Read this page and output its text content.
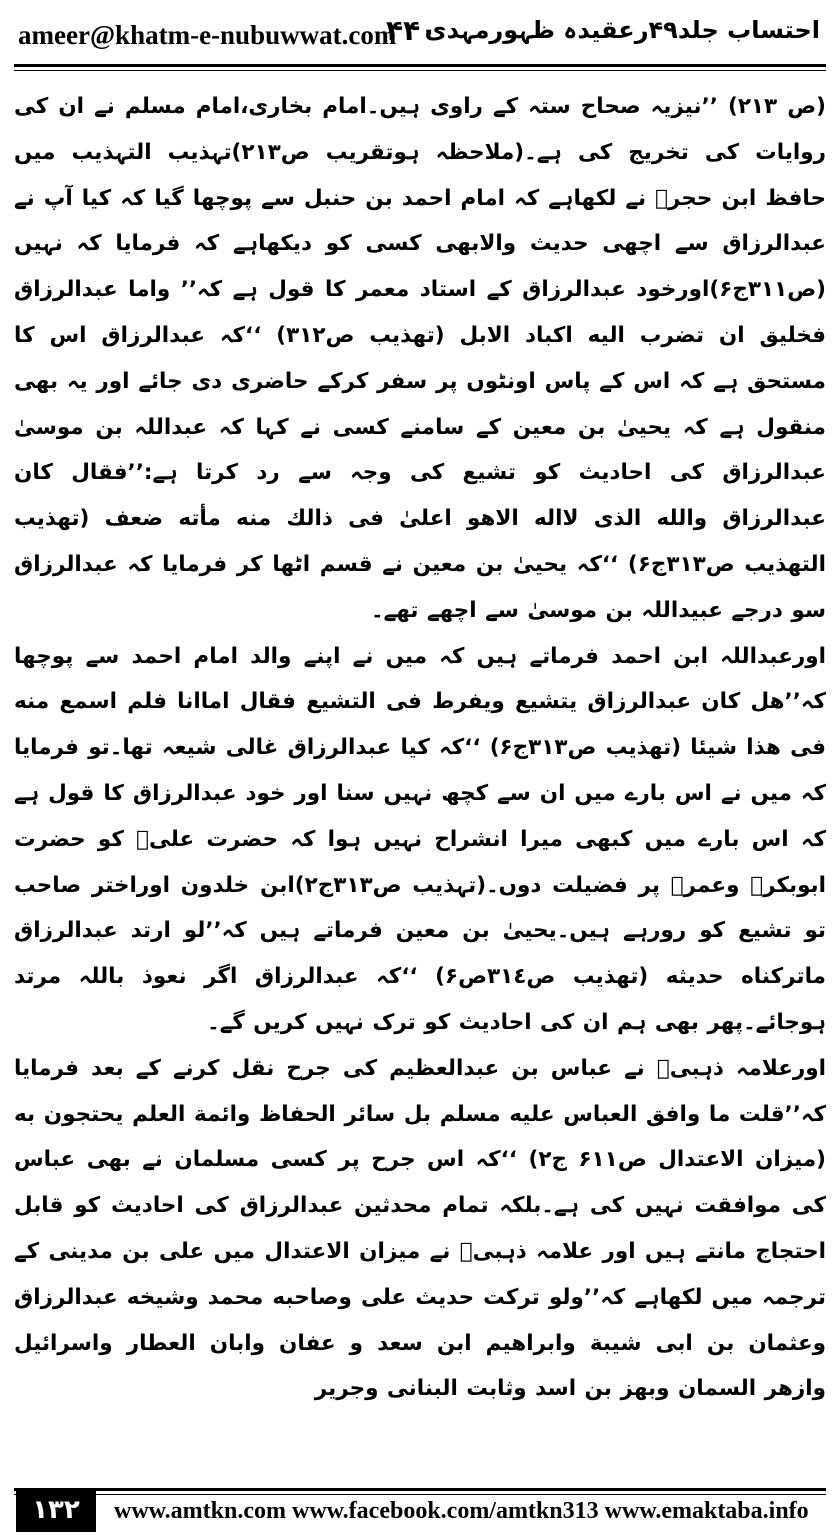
ameer@khatm-e-nubuwwat.com
۴۴۰
احتساب جلد۴۹رعقیدہ ظہورمہدی

(ص ۲۱۳) ’’نیزیہ صحاح ستہ کے راوی ہیں۔امام بخاری،امام مسلم نے ان کی روایات کی تخریج کی ہے۔(ملاحظہ ہوتقریب ص۲۱۳)تہذیب التہذیب میں حافظ ابن حجرؒ نے لکھاہے کہ امام احمد بن حنبل سے پوچھا گیا کہ کیا آپ نے عبدالرزاق سے اچھی حدیث والابھی کسی کو دیکھاہے کہ فرمایا کہ نہیں (ص۳۱۱ج۶)اورخود عبدالرزاق کے استاد معمر کا قول ہے کہ’’ واما عبدالرزاق فخلیق ان تضرب الیه اکباد الابل (تهذیب ص۳۱۲) ‘‘کہ عبدالرزاق اس کا مستحق ہے کہ اس کے پاس اونٹوں پر سفر کرکے حاضری دی جائے اور یہ بھی منقول ہے کہ یحییٰ بن معین کے سامنے کسی نے کہا کہ عبداللہ بن موسیٰ عبدالرزاق کی احادیث کو تشیع کی وجہ سے رد کرتا ہے:’’فقال کان عبدالرزاق والله الذی لااله الاهو اعلیٰ فی ذالك منه مأته ضعف (تهذیب التهذیب ص۳۱۳ج۶) ‘‘کہ یحییٰ بن معین نے قسم اٹھا کر فرمایا کہ عبدالرزاق سو درجے عبیداللہ بن موسیٰ سے اچھے تھے۔

اورعبداللہ ابن احمد فرماتے ہیں کہ میں نے اپنے والد امام احمد سے پوچھا کہ’’ھل کان عبدالرزاق یتشیع ویفرط فی التشیع فقال اماانا فلم اسمع منه فی هذا شیئا (تهذیب ص۳۱۳ج۶) ‘‘کہ کیا عبدالرزاق غالی شیعہ تھا۔تو فرمایا کہ میں نے اس بارے میں ان سے کچھ نہیں سنا اور خود عبدالرزاق کا قول ہے کہ اس بارے میں کبھی میرا انشراح نہیں ہوا کہ حضرت علیؓ کو حضرت ابوبکرؓ وعمرؓ پر فضیلت دوں۔(تہذیب ص۳۱۳ج۲)ابن خلدون اوراختر صاحب تو تشیع کو رورہے ہیں۔یحییٰ بن معین فرماتے ہیں کہ’’لو ارتد عبدالرزاق ماترکناه حدیثه (تهذیب ص۳۱٤ص۶) ‘‘کہ عبدالرزاق اگر نعوذ باللہ مرتد ہوجائے۔پھر بھی ہم ان کی احادیث کو ترک نہیں کریں گے۔

اورعلامہ ذہبیؒ نے عباس بن عبدالعظیم کی جرح نقل کرنے کے بعد فرمایا کہ’’قلت ما وافق العباس علیه مسلم بل سائر الحفاظ وائمة العلم یحتجون به (میزان الاعتدال ص۶۱۱ ج۲) ‘‘کہ اس جرح پر کسی مسلمان نے بھی عباس کی موافقت نہیں کی ہے۔بلکہ تمام محدثین عبدالرزاق کی احادیث کو قابل احتجاج مانتے ہیں اور علامہ ذہبیؒ نے میزان الاعتدال میں علی بن مدینی کے ترجمہ میں لکھاہے کہ’’ولو ترکت حدیث علی وصاحبه محمد وشیخه عبدالرزاق وعثمان بن ابی شیبة وابراهیم ابن سعد و عفان وابان العطار واسرائیل وازهر السمان وبهز بن اسد وثابت البنانی وجریر

۱۳۲	www.amtkn.com www.facebook.com/amtkn313 www.emaktaba.info
